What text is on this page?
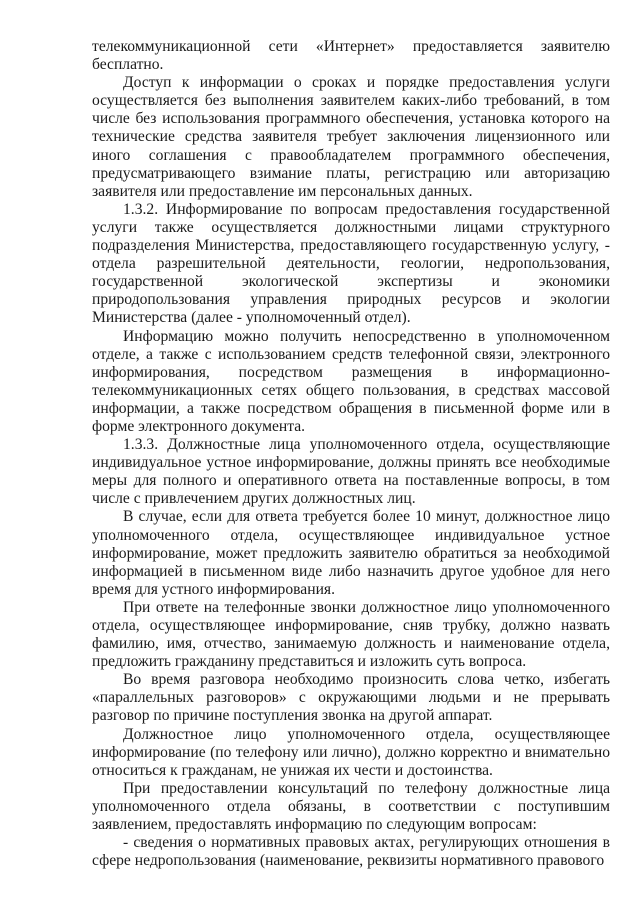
телекоммуникационной сети «Интернет» предоставляется заявителю бесплатно.

Доступ к информации о сроках и порядке предоставления услуги осуществляется без выполнения заявителем каких-либо требований, в том числе без использования программного обеспечения, установка которого на технические средства заявителя требует заключения лицензионного или иного соглашения с правообладателем программного обеспечения, предусматривающего взимание платы, регистрацию или авторизацию заявителя или предоставление им персональных данных.

1.3.2. Информирование по вопросам предоставления государственной услуги также осуществляется должностными лицами структурного подразделения Министерства, предоставляющего государственную услугу, - отдела разрешительной деятельности, геологии, недропользования, государственной экологической экспертизы и экономики природопользования управления природных ресурсов и экологии Министерства (далее - уполномоченный отдел).

Информацию можно получить непосредственно в уполномоченном отделе, а также с использованием средств телефонной связи, электронного информирования, посредством размещения в информационно-телекоммуникационных сетях общего пользования, в средствах массовой информации, а также посредством обращения в письменной форме или в форме электронного документа.

1.3.3. Должностные лица уполномоченного отдела, осуществляющие индивидуальное устное информирование, должны принять все необходимые меры для полного и оперативного ответа на поставленные вопросы, в том числе с привлечением других должностных лиц.

В случае, если для ответа требуется более 10 минут, должностное лицо уполномоченного отдела, осуществляющее индивидуальное устное информирование, может предложить заявителю обратиться за необходимой информацией в письменном виде либо назначить другое удобное для него время для устного информирования.

При ответе на телефонные звонки должностное лицо уполномоченного отдела, осуществляющее информирование, сняв трубку, должно назвать фамилию, имя, отчество, занимаемую должность и наименование отдела, предложить гражданину представиться и изложить суть вопроса.

Во время разговора необходимо произносить слова четко, избегать «параллельных разговоров» с окружающими людьми и не прерывать разговор по причине поступления звонка на другой аппарат.

Должностное лицо уполномоченного отдела, осуществляющее информирование (по телефону или лично), должно корректно и внимательно относиться к гражданам, не унижая их чести и достоинства.

При предоставлении консультаций по телефону должностные лица уполномоченного отдела обязаны, в соответствии с поступившим заявлением, предоставлять информацию по следующим вопросам:

- сведения о нормативных правовых актах, регулирующих отношения в сфере недропользования (наименование, реквизиты нормативного правового
